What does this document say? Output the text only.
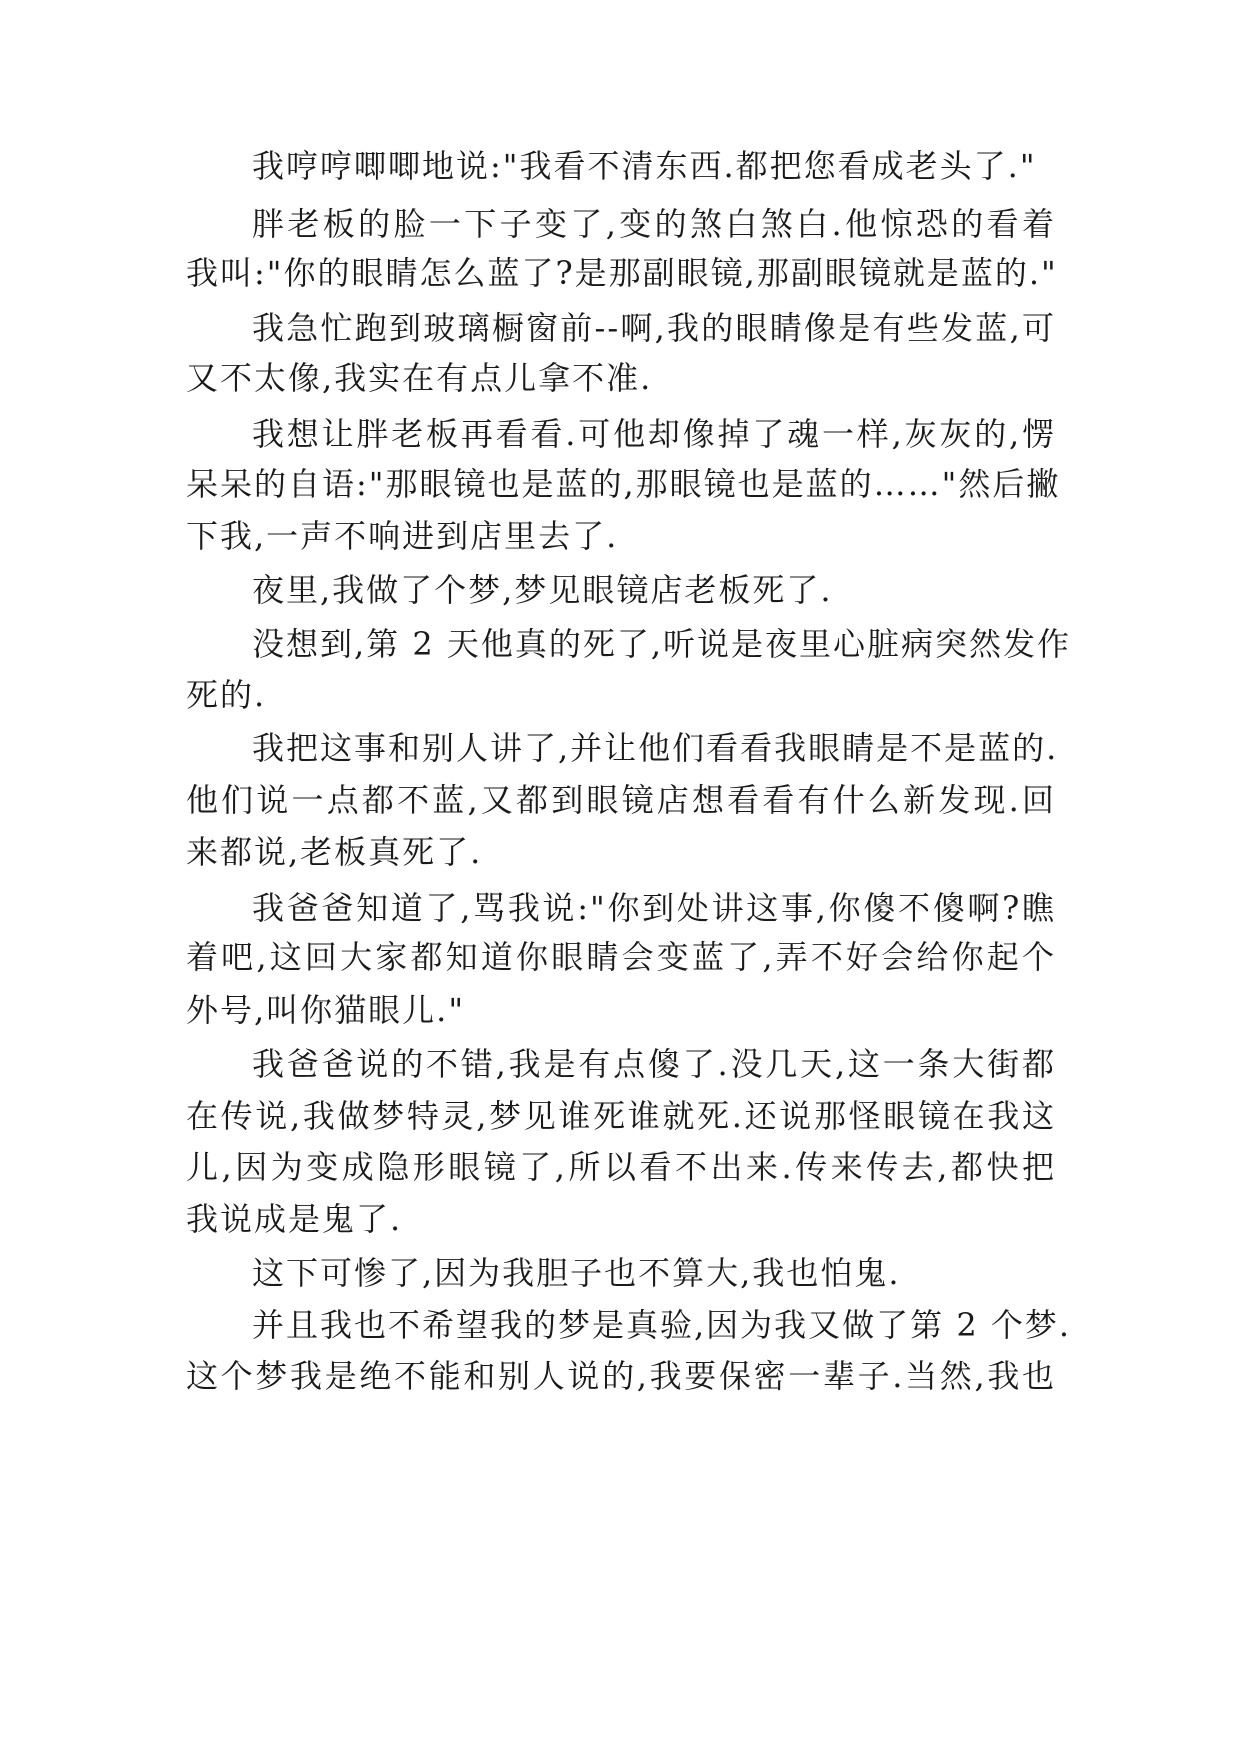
我哼哼唧唧地说:"我看不清东西.都把您看成老头了."

胖老板的脸一下子变了,变的煞白煞白.他惊恐的看着

我叫:"你的眼睛怎么蓝了?是那副眼镜,那副眼镜就是蓝的."

我急忙跑到玻璃橱窗前--啊,我的眼睛像是有些发蓝,可

又不太像,我实在有点儿拿不准.

我想让胖老板再看看.可他却像掉了魂一样,灰灰的,愣

呆呆的自语:"那眼镜也是蓝的,那眼镜也是蓝的……"然后撇

下我,一声不响进到店里去了.

夜里,我做了个梦,梦见眼镜店老板死了.

没想到,第 2 天他真的死了,听说是夜里心脏病突然发作

死的.

我把这事和别人讲了,并让他们看看我眼睛是不是蓝的.

他们说一点都不蓝,又都到眼镜店想看看有什么新发现.回

来都说,老板真死了.

我爸爸知道了,骂我说:"你到处讲这事,你傻不傻啊?瞧

着吧,这回大家都知道你眼睛会变蓝了,弄不好会给你起个

外号,叫你猫眼儿."

我爸爸说的不错,我是有点傻了.没几天,这一条大街都

在传说,我做梦特灵,梦见谁死谁就死.还说那怪眼镜在我这

儿,因为变成隐形眼镜了,所以看不出来.传来传去,都快把

我说成是鬼了.

这下可惨了,因为我胆子也不算大,我也怕鬼.

并且我也不希望我的梦是真验,因为我又做了第 2 个梦.

这个梦我是绝不能和别人说的,我要保密一辈子.当然,我也
